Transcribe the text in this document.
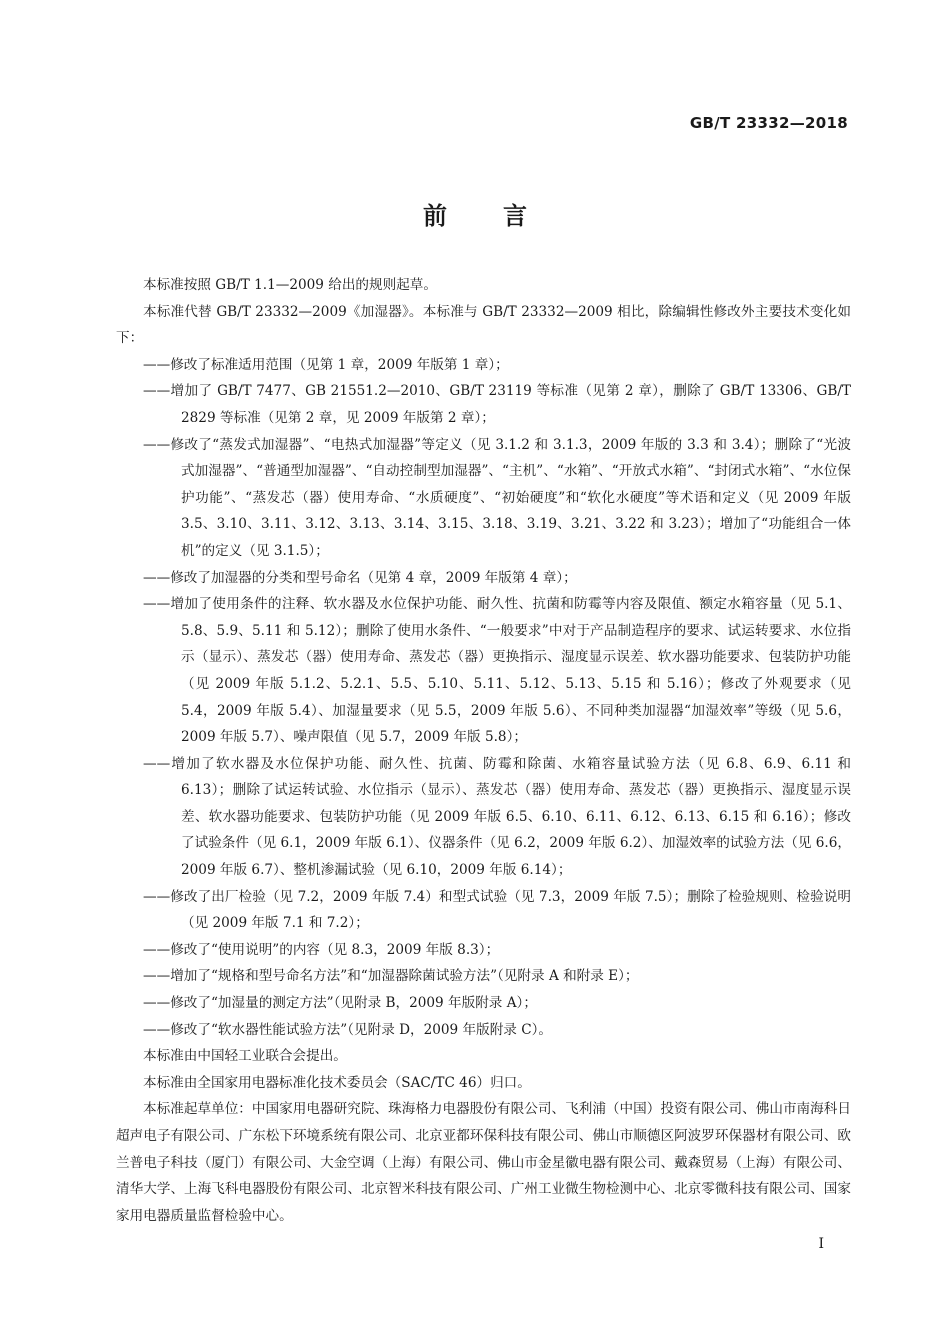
GB/T 23332—2018
前言

本标准按照 GB/T 1.1—2009 给出的规则起草。

本标准代替 GB/T 23332—2009《加湿器》。本标准与 GB/T 23332—2009 相比，除编辑性修改外主要技术变化如下：

——修改了标准适用范围（见第 1 章，2009 年版第 1 章）；

——增加了 GB/T 7477、GB 21551.2—2010、GB/T 23119 等标准（见第 2 章），删除了 GB/T 13306、GB/T 2829 等标准（见第 2 章，见 2009 年版第 2 章）；

——修改了“蒸发式加湿器”、“电热式加湿器”等定义（见 3.1.2 和 3.1.3，2009 年版的 3.3 和 3.4）；删除了“光波式加湿器”、“普通型加湿器”、“自动控制型加湿器”、“主机”、“水箱”、“开放式水箱”、“封闭式水箱”、“水位保护功能”、“蒸发芯（器）使用寿命、“水质硬度”、“初始硬度”和“软化水硬度”等术语和定义（见 2009 年版 3.5、3.10、3.11、3.12、3.13、3.14、3.15、3.18、3.19、3.21、3.22 和 3.23）；增加了“功能组合一体机”的定义（见 3.1.5）；

——修改了加湿器的分类和型号命名（见第 4 章，2009 年版第 4 章）；

——增加了使用条件的注释、软水器及水位保护功能、耐久性、抗菌和防霉等内容及限值、额定水箱容量（见 5.1、5.8、5.9、5.11 和 5.12）；删除了使用水条件、“一般要求”中对于产品制造程序的要求、试运转要求、水位指示（显示）、蒸发芯（器）使用寿命、蒸发芯（器）更换指示、湿度显示误差、软水器功能要求、包装防护功能（见 2009 年版 5.1.2、5.2.1、5.5、5.10、5.11、5.12、5.13、5.15 和 5.16）；修改了外观要求（见 5.4，2009 年版 5.4）、加湿量要求（见 5.5，2009 年版 5.6）、不同种类加湿器“加湿效率”等级（见 5.6，2009 年版 5.7）、噪声限值（见 5.7，2009 年版 5.8）；

——增加了软水器及水位保护功能、耐久性、抗菌、防霉和除菌、水箱容量试验方法（见 6.8、6.9、6.11 和 6.13）；删除了试运转试验、水位指示（显示）、蒸发芯（器）使用寿命、蒸发芯（器）更换指示、湿度显示误差、软水器功能要求、包装防护功能（见 2009 年版 6.5、6.10、6.11、6.12、6.13、6.15 和 6.16）；修改了试验条件（见 6.1，2009 年版 6.1）、仪器条件（见 6.2，2009 年版 6.2）、加湿效率的试验方法（见 6.6，2009 年版 6.7）、整机渗漏试验（见 6.10，2009 年版 6.14）；

——修改了出厂检验（见 7.2，2009 年版 7.4）和型式试验（见 7.3，2009 年版 7.5）；删除了检验规则、检验说明（见 2009 年版 7.1 和 7.2）；

——修改了“使用说明”的内容（见 8.3，2009 年版 8.3）；

——增加了“规格和型号命名方法”和“加湿器除菌试验方法”（见附录 A 和附录 E）；

——修改了“加湿量的测定方法”（见附录 B，2009 年版附录 A）；

——修改了“软水器性能试验方法”（见附录 D，2009 年版附录 C）。

本标准由中国轻工业联合会提出。

本标准由全国家用电器标准化技术委员会（SAC/TC 46）归口。

本标准起草单位：中国家用电器研究院、珠海格力电器股份有限公司、飞利浦（中国）投资有限公司、佛山市南海科日超声电子有限公司、广东松下环境系统有限公司、北京亚都环保科技有限公司、佛山市顺德区阿波罗环保器材有限公司、欧兰普电子科技（厦门）有限公司、大金空调（上海）有限公司、佛山市金星徽电器有限公司、戴森贸易（上海）有限公司、清华大学、上海飞科电器股份有限公司、北京智米科技有限公司、广州工业微生物检测中心、北京零微科技有限公司、国家家用电器质量监督检验中心。

I
